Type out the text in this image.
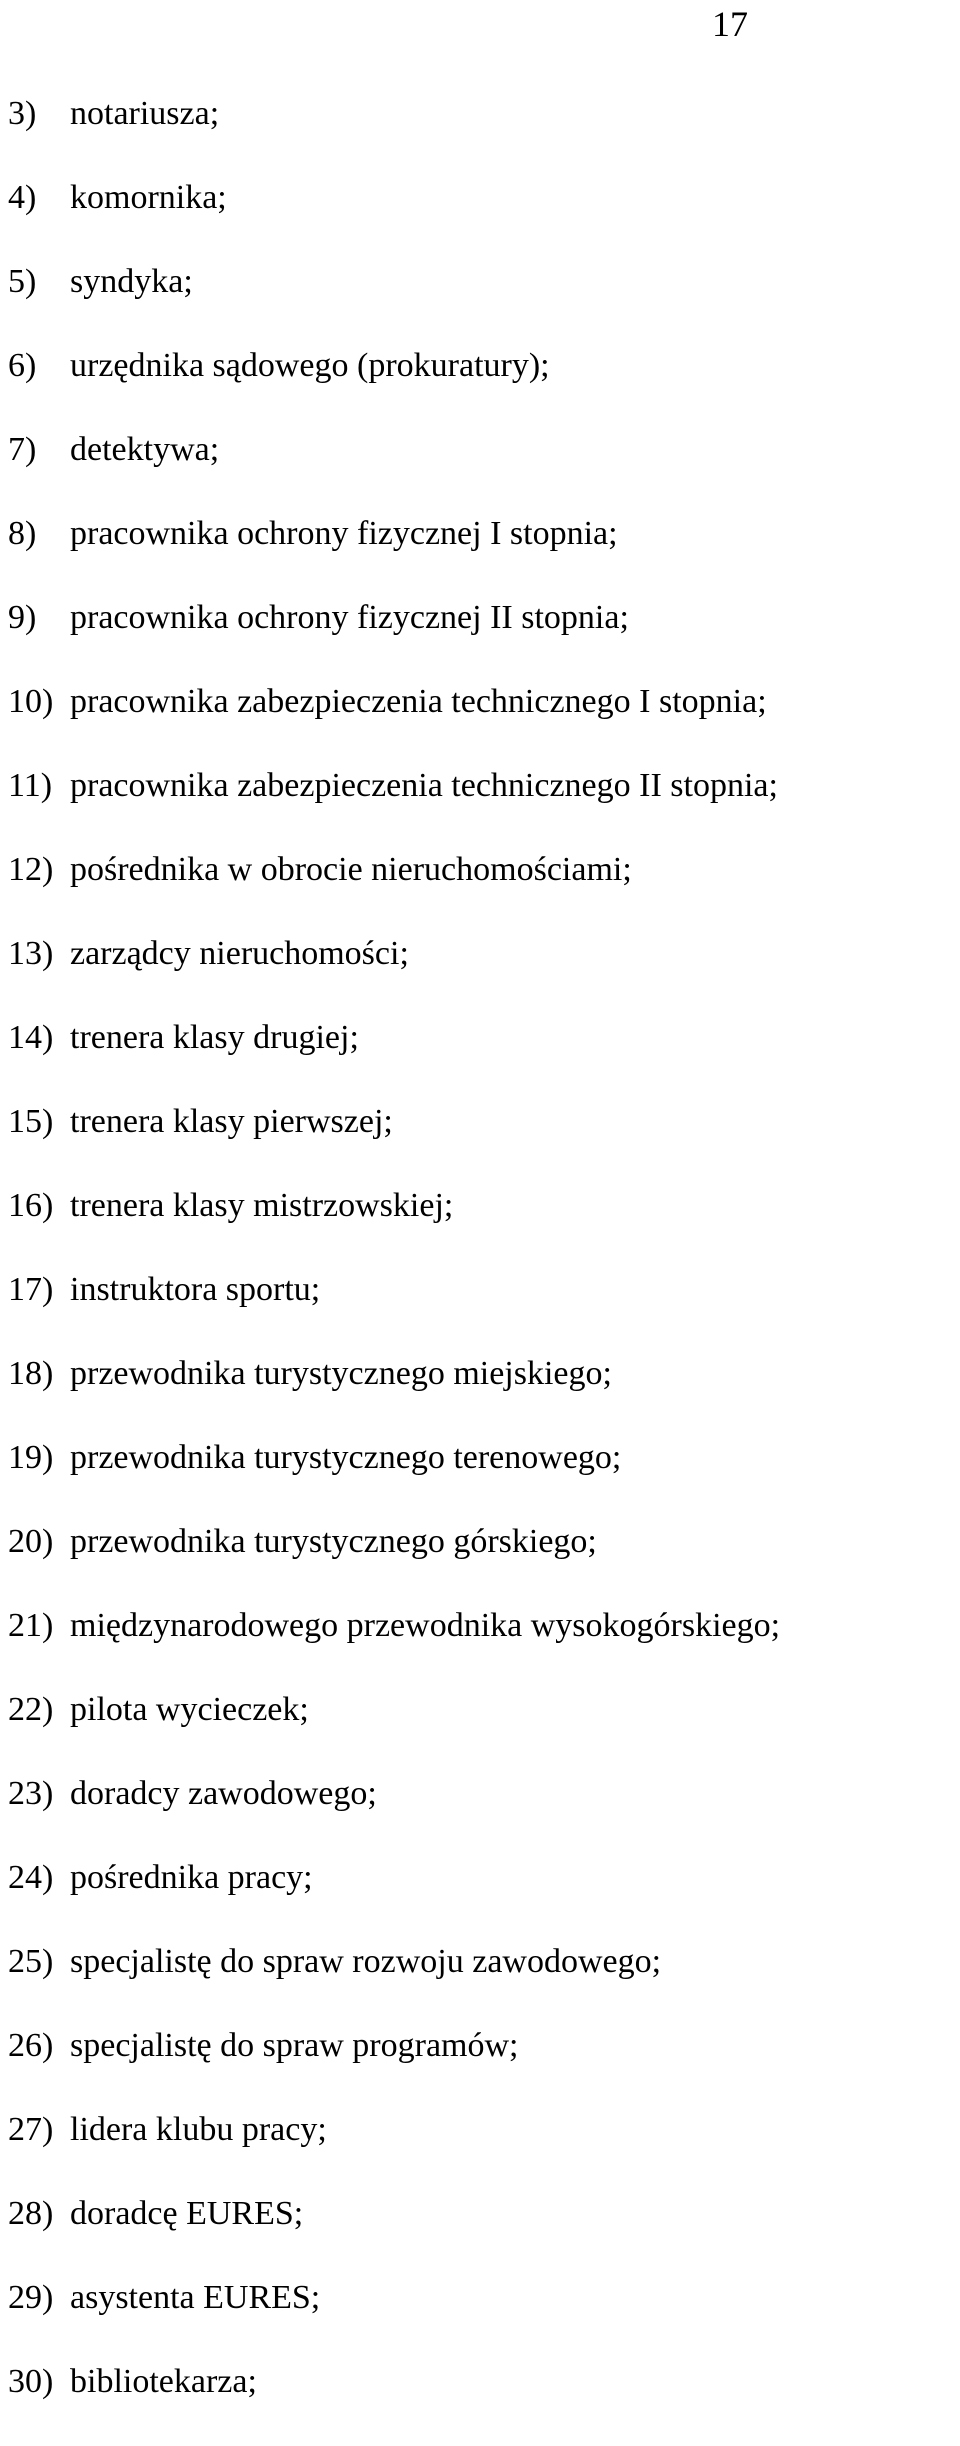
17
3) notariusza;
4) komornika;
5) syndyka;
6) urzędnika sądowego (prokuratury);
7) detektywa;
8) pracownika ochrony fizycznej I stopnia;
9) pracownika ochrony fizycznej II stopnia;
10) pracownika zabezpieczenia technicznego I stopnia;
11) pracownika zabezpieczenia technicznego II stopnia;
12) pośrednika w obrocie nieruchomościami;
13) zarządcy nieruchomości;
14) trenera klasy drugiej;
15) trenera klasy pierwszej;
16) trenera klasy mistrzowskiej;
17) instruktora sportu;
18) przewodnika turystycznego miejskiego;
19) przewodnika turystycznego terenowego;
20) przewodnika turystycznego górskiego;
21) międzynarodowego przewodnika wysokogórskiego;
22) pilota wycieczek;
23) doradcy zawodowego;
24) pośrednika pracy;
25) specjalistę do spraw rozwoju zawodowego;
26) specjalistę do spraw programów;
27) lidera klubu pracy;
28) doradcę EURES;
29) asystenta EURES;
30) bibliotekarza;
